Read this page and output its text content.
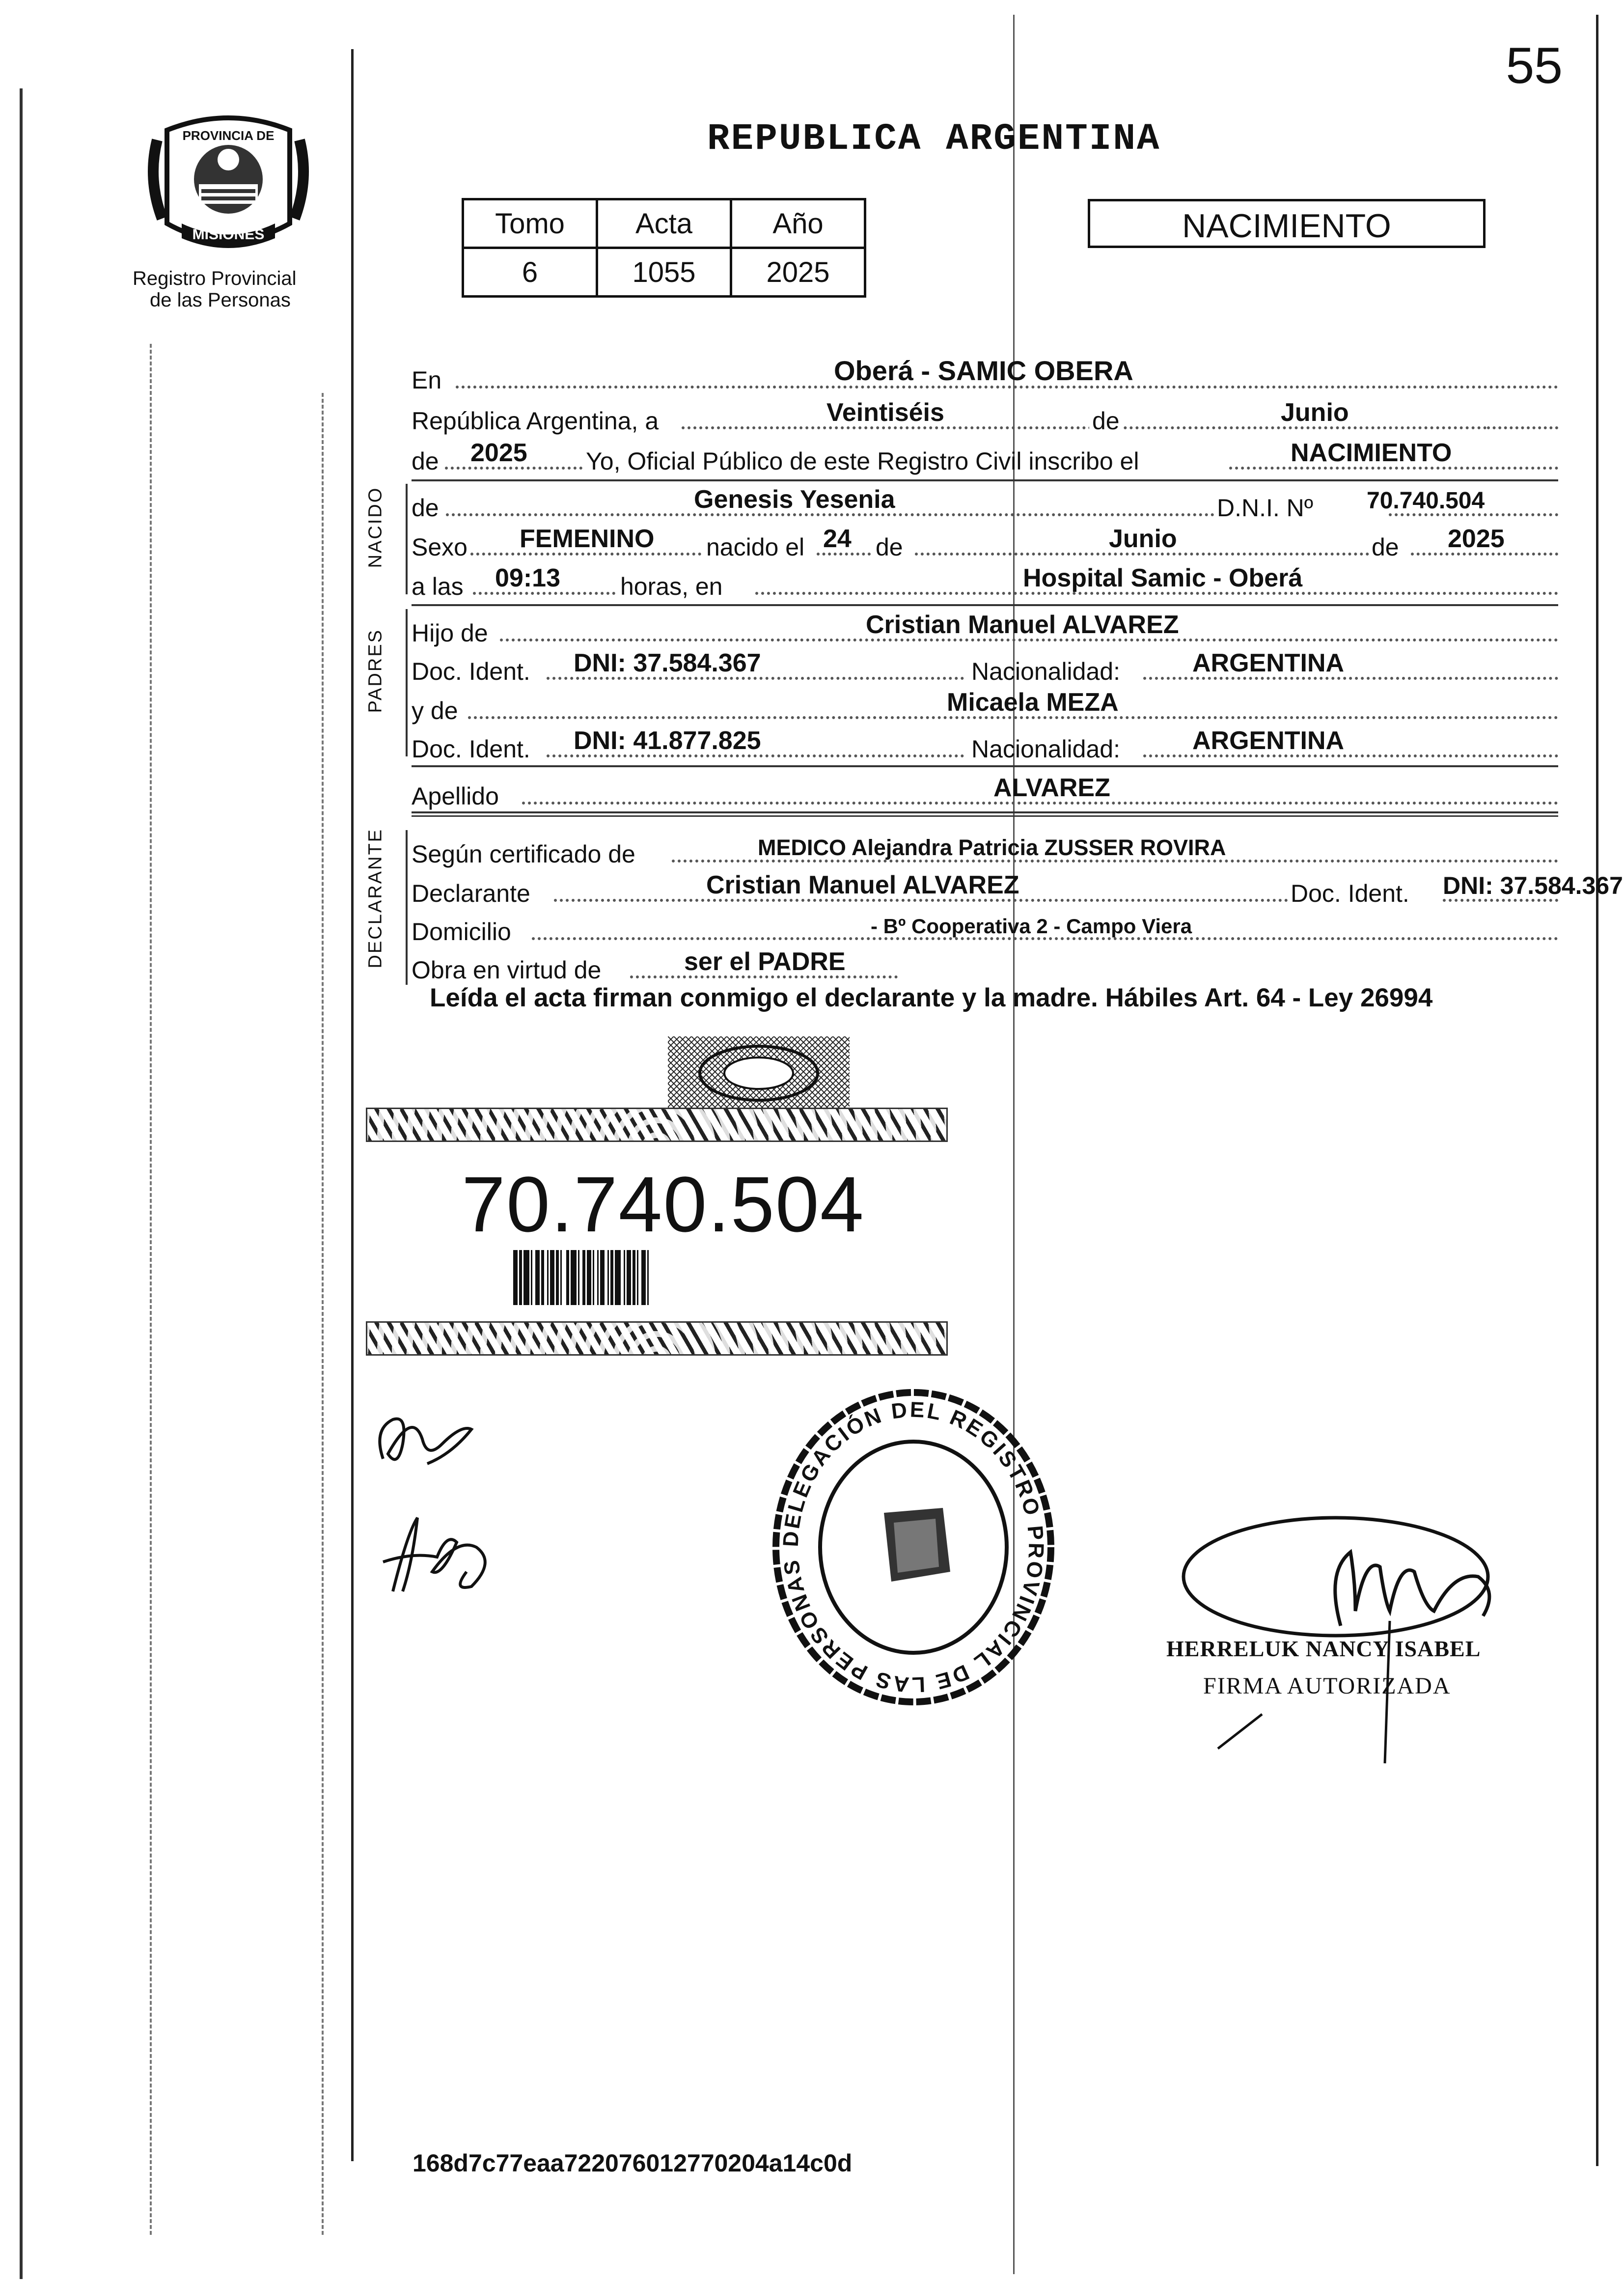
55
PROVINCIA DE
MISIONES
Registro Provincial
de las Personas
REPUBLICA ARGENTINA
Tomo	Acta	Año
6	1055	2025
NACIMIENTO
En	Oberá - SAMIC OBERA
República Argentina, a	Veintiséis	de	Junio
de 2025 Yo, Oficial Público de este Registro Civil inscribo el	NACIMIENTO
NACIDO de	Genesis Yesenia	D.N.I. Nº 70.740.504
Sexo FEMENINO nacido el 24 de	Junio	de 2025
a las 09:13 horas, en	Hospital Samic - Oberá
PADRES Hijo de	Cristian Manuel ALVAREZ
Doc. Ident. DNI: 37.584.367	Nacionalidad:	ARGENTINA
y de	Micaela MEZA
Doc. Ident. DNI: 41.877.825	Nacionalidad:	ARGENTINA
Apellido	ALVAREZ
DECLARANTE Según certificado de	MEDICO Alejandra Patricia ZUSSER ROVIRA
Declarante	Cristian Manuel ALVAREZ	Doc. Ident. DNI: 37.584.367
Domicilio	- Bº Cooperativa 2 - Campo Viera
Obra en virtud de	ser el PADRE
Leída el acta firman conmigo el declarante y la madre. Hábiles Art. 64 - Ley 26994
70.740.504
DELEGACIÓN DEL REGISTRO PROVINCIAL DE LAS PERSONAS
HERRELUK NANCY ISABEL
FIRMA AUTORIZADA
168d7c77eaa722076012770204a14c0d
